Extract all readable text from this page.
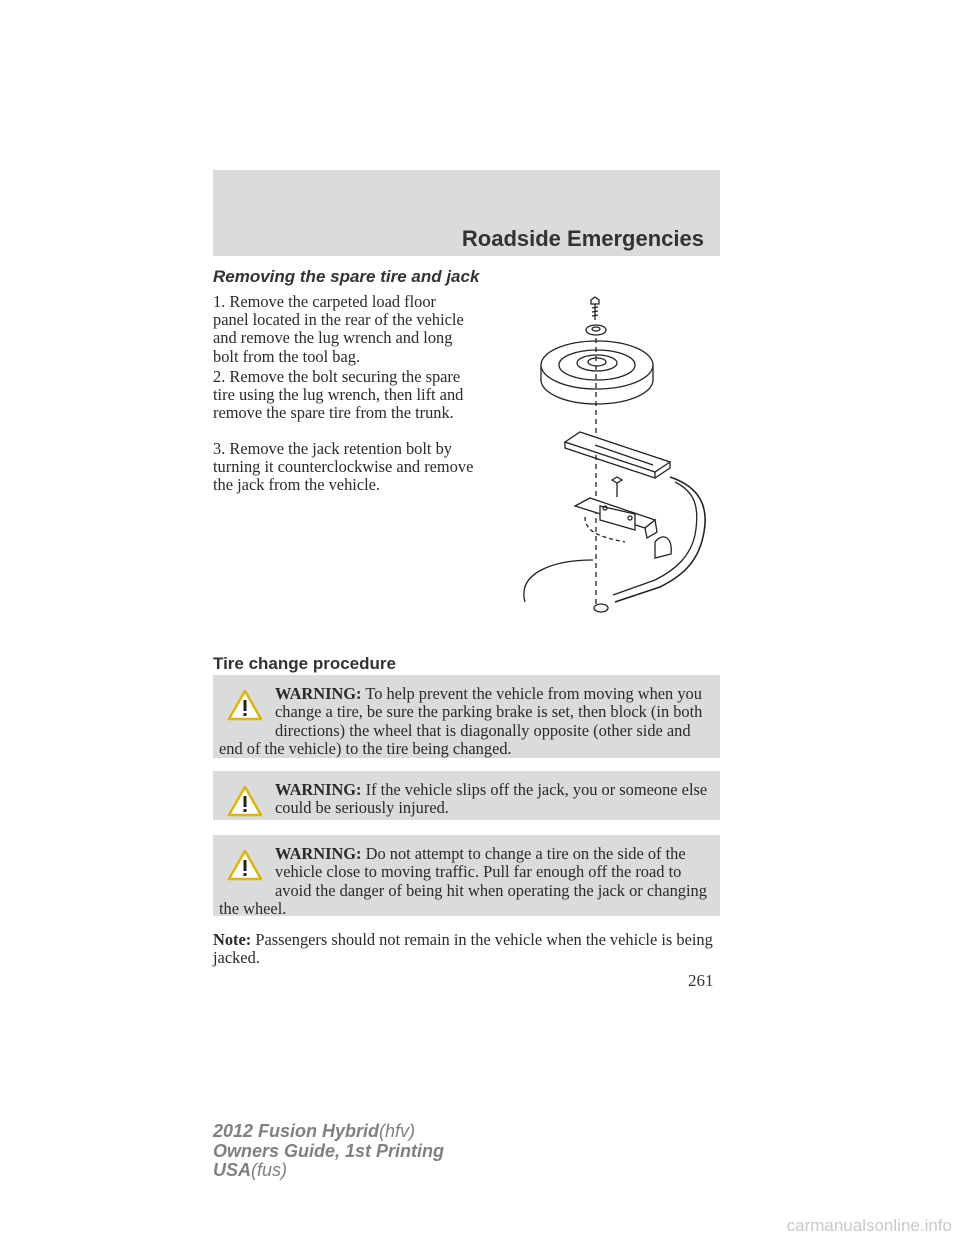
Roadside Emergencies
Removing the spare tire and jack
1. Remove the carpeted load floor panel located in the rear of the vehicle and remove the lug wrench and long bolt from the tool bag.
2. Remove the bolt securing the spare tire using the lug wrench, then lift and remove the spare tire from the trunk.
3. Remove the jack retention bolt by turning it counterclockwise and remove the jack from the vehicle.
Tire change procedure
WARNING: To help prevent the vehicle from moving when you change a tire, be sure the parking brake is set, then block (in both directions) the wheel that is diagonally opposite (other side and end of the vehicle) to the tire being changed.
WARNING: If the vehicle slips off the jack, you or someone else could be seriously injured.
WARNING: Do not attempt to change a tire on the side of the vehicle close to moving traffic. Pull far enough off the road to avoid the danger of being hit when operating the jack or changing the wheel.
Note: Passengers should not remain in the vehicle when the vehicle is being jacked.
261
2012 Fusion Hybrid(hfv)
Owners Guide, 1st Printing
USA(fus)
carmanualsonline.info
